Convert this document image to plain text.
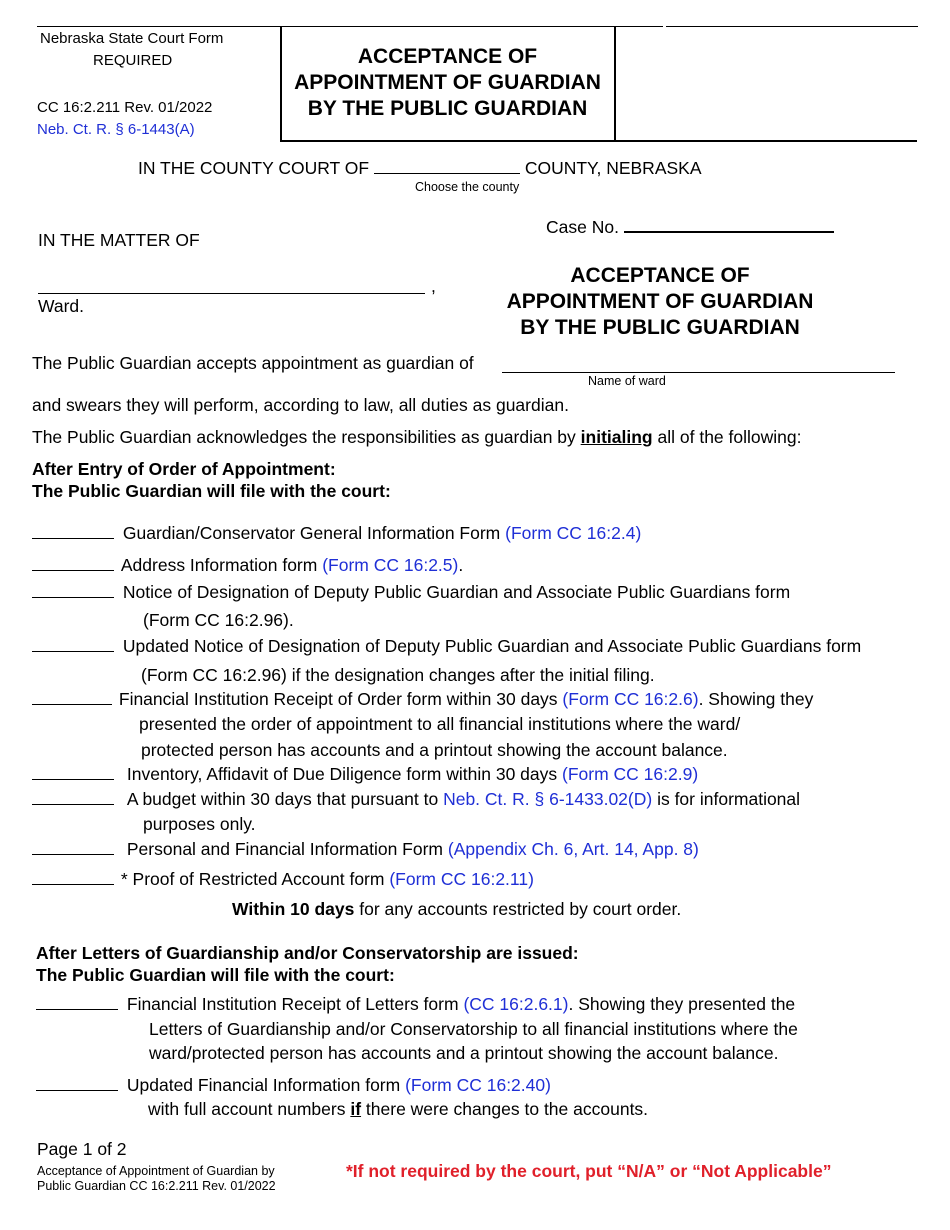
Nebraska State Court Form
REQUIRED
CC 16:2.211 Rev. 01/2022
Neb. Ct. R. § 6-1443(A)
ACCEPTANCE OF
APPOINTMENT OF GUARDIAN
BY THE PUBLIC GUARDIAN
IN THE COUNTY COURT OF	COUNTY, NEBRASKA
Choose the county
Case No.
IN THE MATTER OF
,
Ward.
ACCEPTANCE OF
APPOINTMENT OF GUARDIAN
BY THE PUBLIC GUARDIAN
The Public Guardian accepts appointment as guardian of
Name of ward
and swears they will perform, according to law, all duties as guardian.
The Public Guardian acknowledges the responsibilities as guardian by initialing all of the following:
After Entry of Order of Appointment:
The Public Guardian will file with the court:
Guardian/Conservator General Information Form (Form CC 16:2.4)
Address Information form (Form CC 16:2.5).
Notice of Designation of Deputy Public Guardian and Associate Public Guardians form
(Form CC 16:2.96).
Updated Notice of Designation of Deputy Public Guardian and Associate Public Guardians form
(Form CC 16:2.96) if the designation changes after the initial filing.
Financial Institution Receipt of Order form within 30 days (Form CC 16:2.6). Showing they
presented the order of appointment to all financial institutions where the ward/
protected person has accounts and a printout showing the account balance.
Inventory, Affidavit of Due Diligence form within 30 days (Form CC 16:2.9)
A budget within 30 days that pursuant to Neb. Ct. R. § 6-1433.02(D) is for informational
purposes only.
Personal and Financial Information Form (Appendix Ch. 6, Art. 14, App. 8)
* Proof of Restricted Account form (Form CC 16:2.11)
Within 10 days for any accounts restricted by court order.
After Letters of Guardianship and/or Conservatorship are issued:
The Public Guardian will file with the court:
Financial Institution Receipt of Letters form (CC 16:2.6.1). Showing they presented the
Letters of Guardianship and/or Conservatorship to all financial institutions where the
ward/protected person has accounts and a printout showing the account balance.
Updated Financial Information form (Form CC 16:2.40)
with full account numbers if there were changes to the accounts.
Page 1 of 2
Acceptance of Appointment of Guardian by
Public Guardian CC 16:2.211 Rev. 01/2022
*If not required by the court, put “N/A” or “Not Applicable”
